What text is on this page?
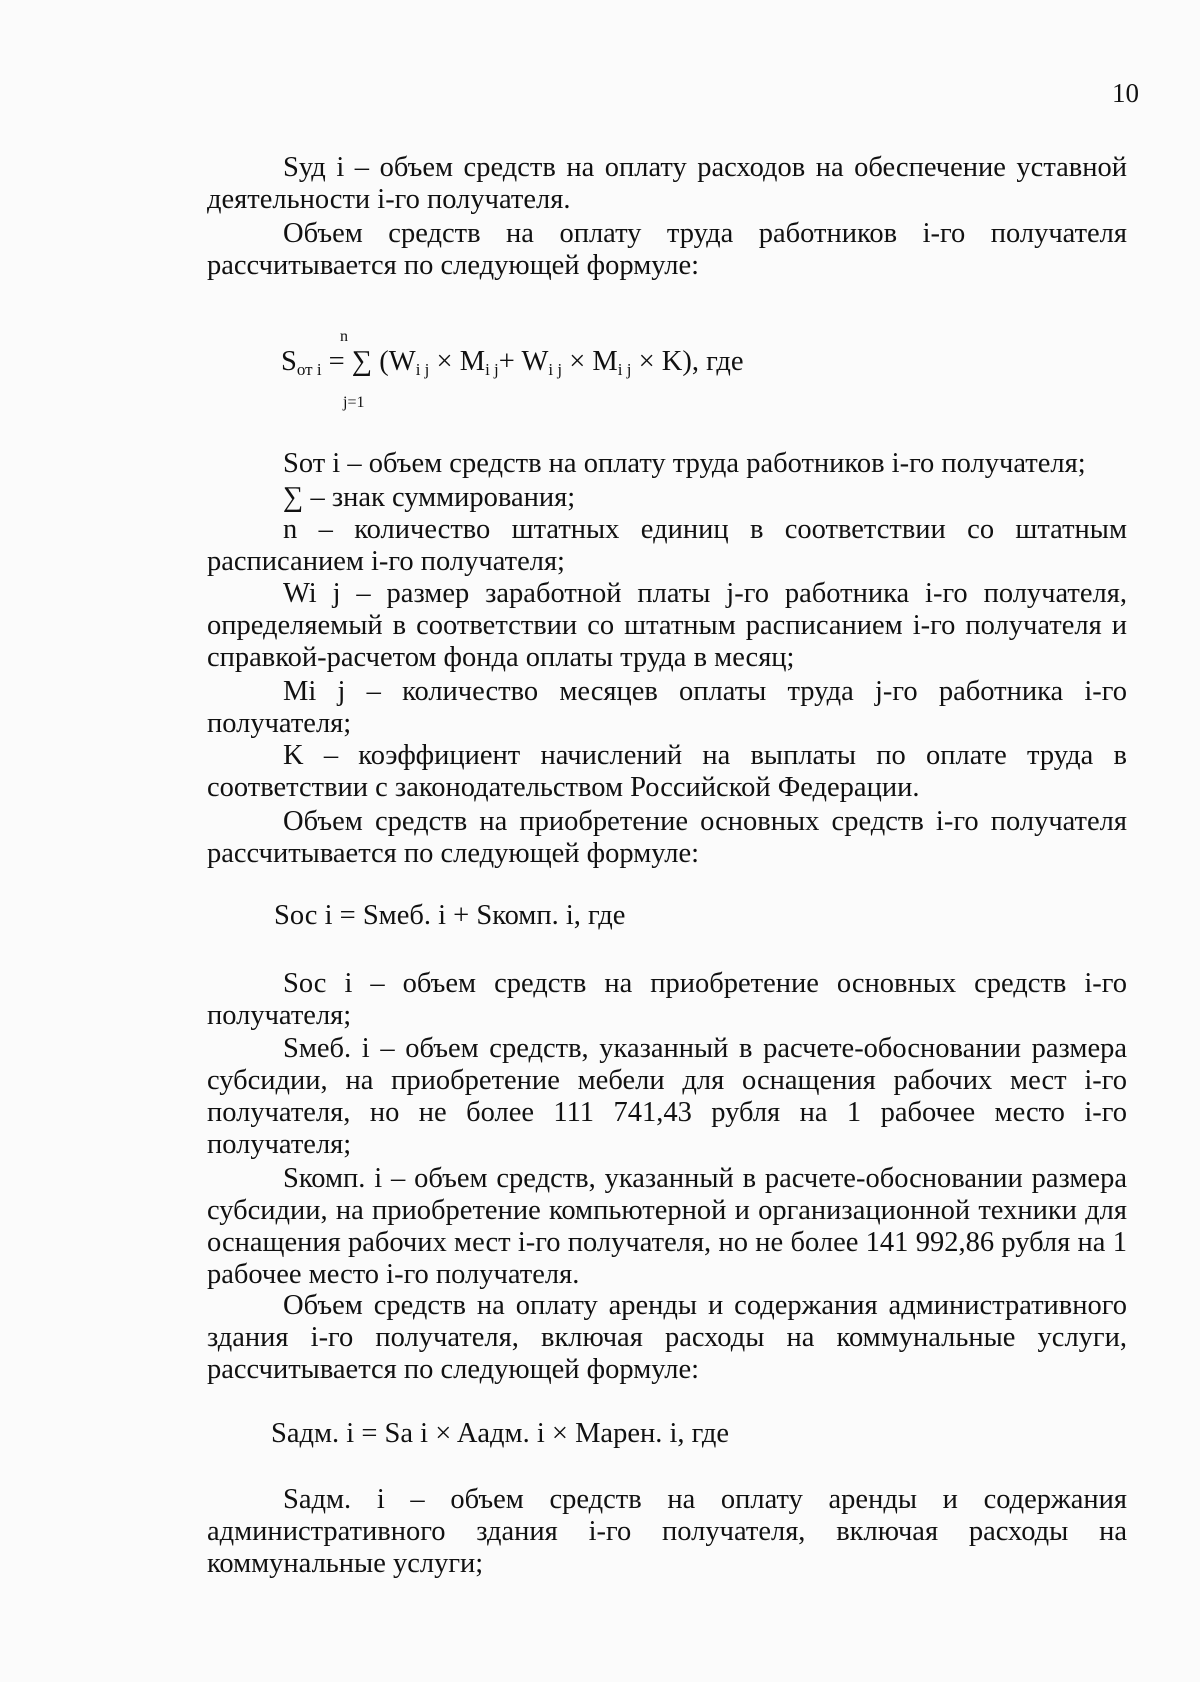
10
Sуд i – объем средств на оплату расходов на обеспечение уставной деятельности i-го получателя.
Объем средств на оплату труда работников i-го получателя рассчитывается по следующей формуле:
n
$S_{от i}$ = ∑ $(W_{i j} \times M_{i j}+ W_{i j} \times M_{i j} \times K)$, где
j=1
Sот i – объем средств на оплату труда работников i-го получателя;
∑ – знак суммирования;
n – количество штатных единиц в соответствии со штатным расписанием i-го получателя;
Wi j – размер заработной платы j-го работника i-го получателя, определяемый в соответствии со штатным расписанием i-го получателя и справкой-расчетом фонда оплаты труда в месяц;
Mi j – количество месяцев оплаты труда j-го работника i-го получателя;
K – коэффициент начислений на выплаты по оплате труда в соответствии с законодательством Российской Федерации.
Объем средств на приобретение основных средств i-го получателя рассчитывается по следующей формуле:
Sос i = Sмеб. i + Sкомп. i, где
Sос i – объем средств на приобретение основных средств i-го получателя;
Sмеб. i – объем средств, указанный в расчете-обосновании размера субсидии, на приобретение мебели для оснащения рабочих мест i-го получателя, но не более 111 741,43 рубля на 1 рабочее место i-го получателя;
Sкомп. i – объем средств, указанный в расчете-обосновании размера субсидии, на приобретение компьютерной и организационной техники для оснащения рабочих мест i-го получателя, но не более 141 992,86 рубля на 1 рабочее место i-го получателя.
Объем средств на оплату аренды и содержания административного здания i-го получателя, включая расходы на коммунальные услуги, рассчитывается по следующей формуле:
Sадм. i = Sа i × Aадм. i × Mарен. i, где
Sадм. i – объем средств на оплату аренды и содержания административного здания i-го получателя, включая расходы на коммунальные услуги;
